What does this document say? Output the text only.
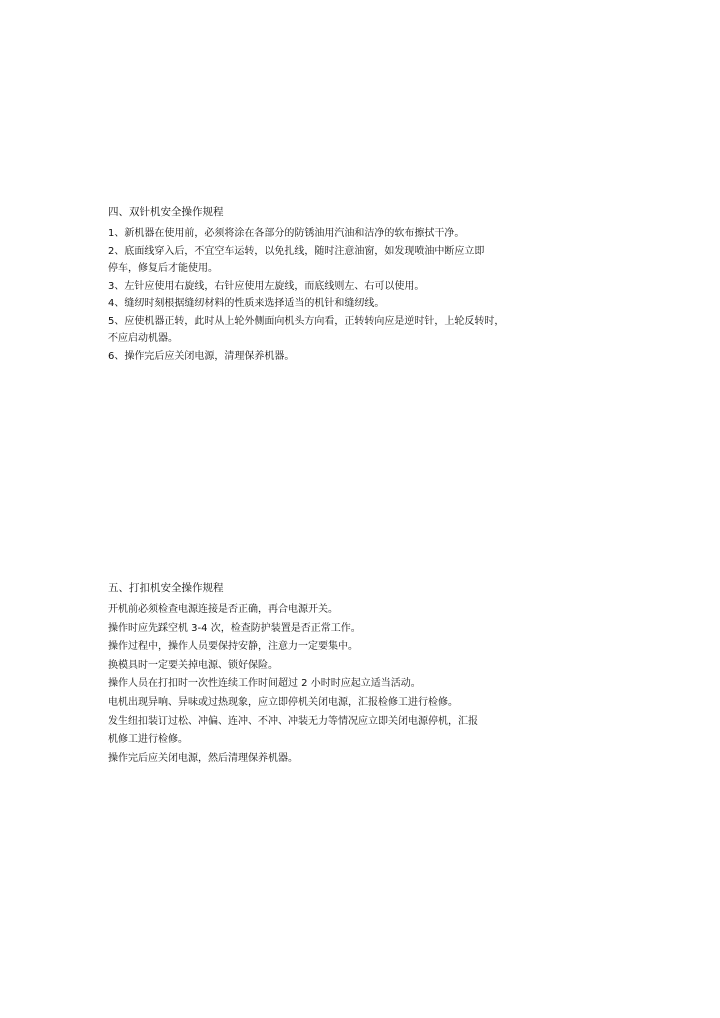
四、双针机安全操作规程

1、新机器在使用前，必须将涂在各部分的防锈油用汽油和洁净的软布擦拭干净。

2、底面线穿入后，不宜空车运转，以免扎线，随时注意油窗，如发现喷油中断应立即
停车，修复后才能使用。

3、左针应使用右旋线，右针应使用左旋线，而底线则左、右可以使用。

4、缝纫时刻根据缝纫材料的性质来选择适当的机针和缝纫线。

5、应使机器正转，此时从上轮外侧面向机头方向看，正转转向应是逆时针，上轮反转时，
不应启动机器。

6、操作完后应关闭电源，清理保养机器。

五、打扣机安全操作规程

开机前必须检查电源连接是否正确，再合电源开关。

操作时应先踩空机 3-4 次，检查防护装置是否正常工作。

操作过程中，操作人员要保持安静，注意力一定要集中。

换模具时一定要关掉电源、锁好保险。

操作人员在打扣时一次性连续工作时间超过 2 小时时应起立适当活动。

电机出现异响、异味或过热现象，应立即停机关闭电源，汇报检修工进行检修。

发生纽扣装订过松、冲偏、连冲、不冲、冲装无力等情况应立即关闭电源停机，汇报
机修工进行检修。

操作完后应关闭电源，然后清理保养机器。
